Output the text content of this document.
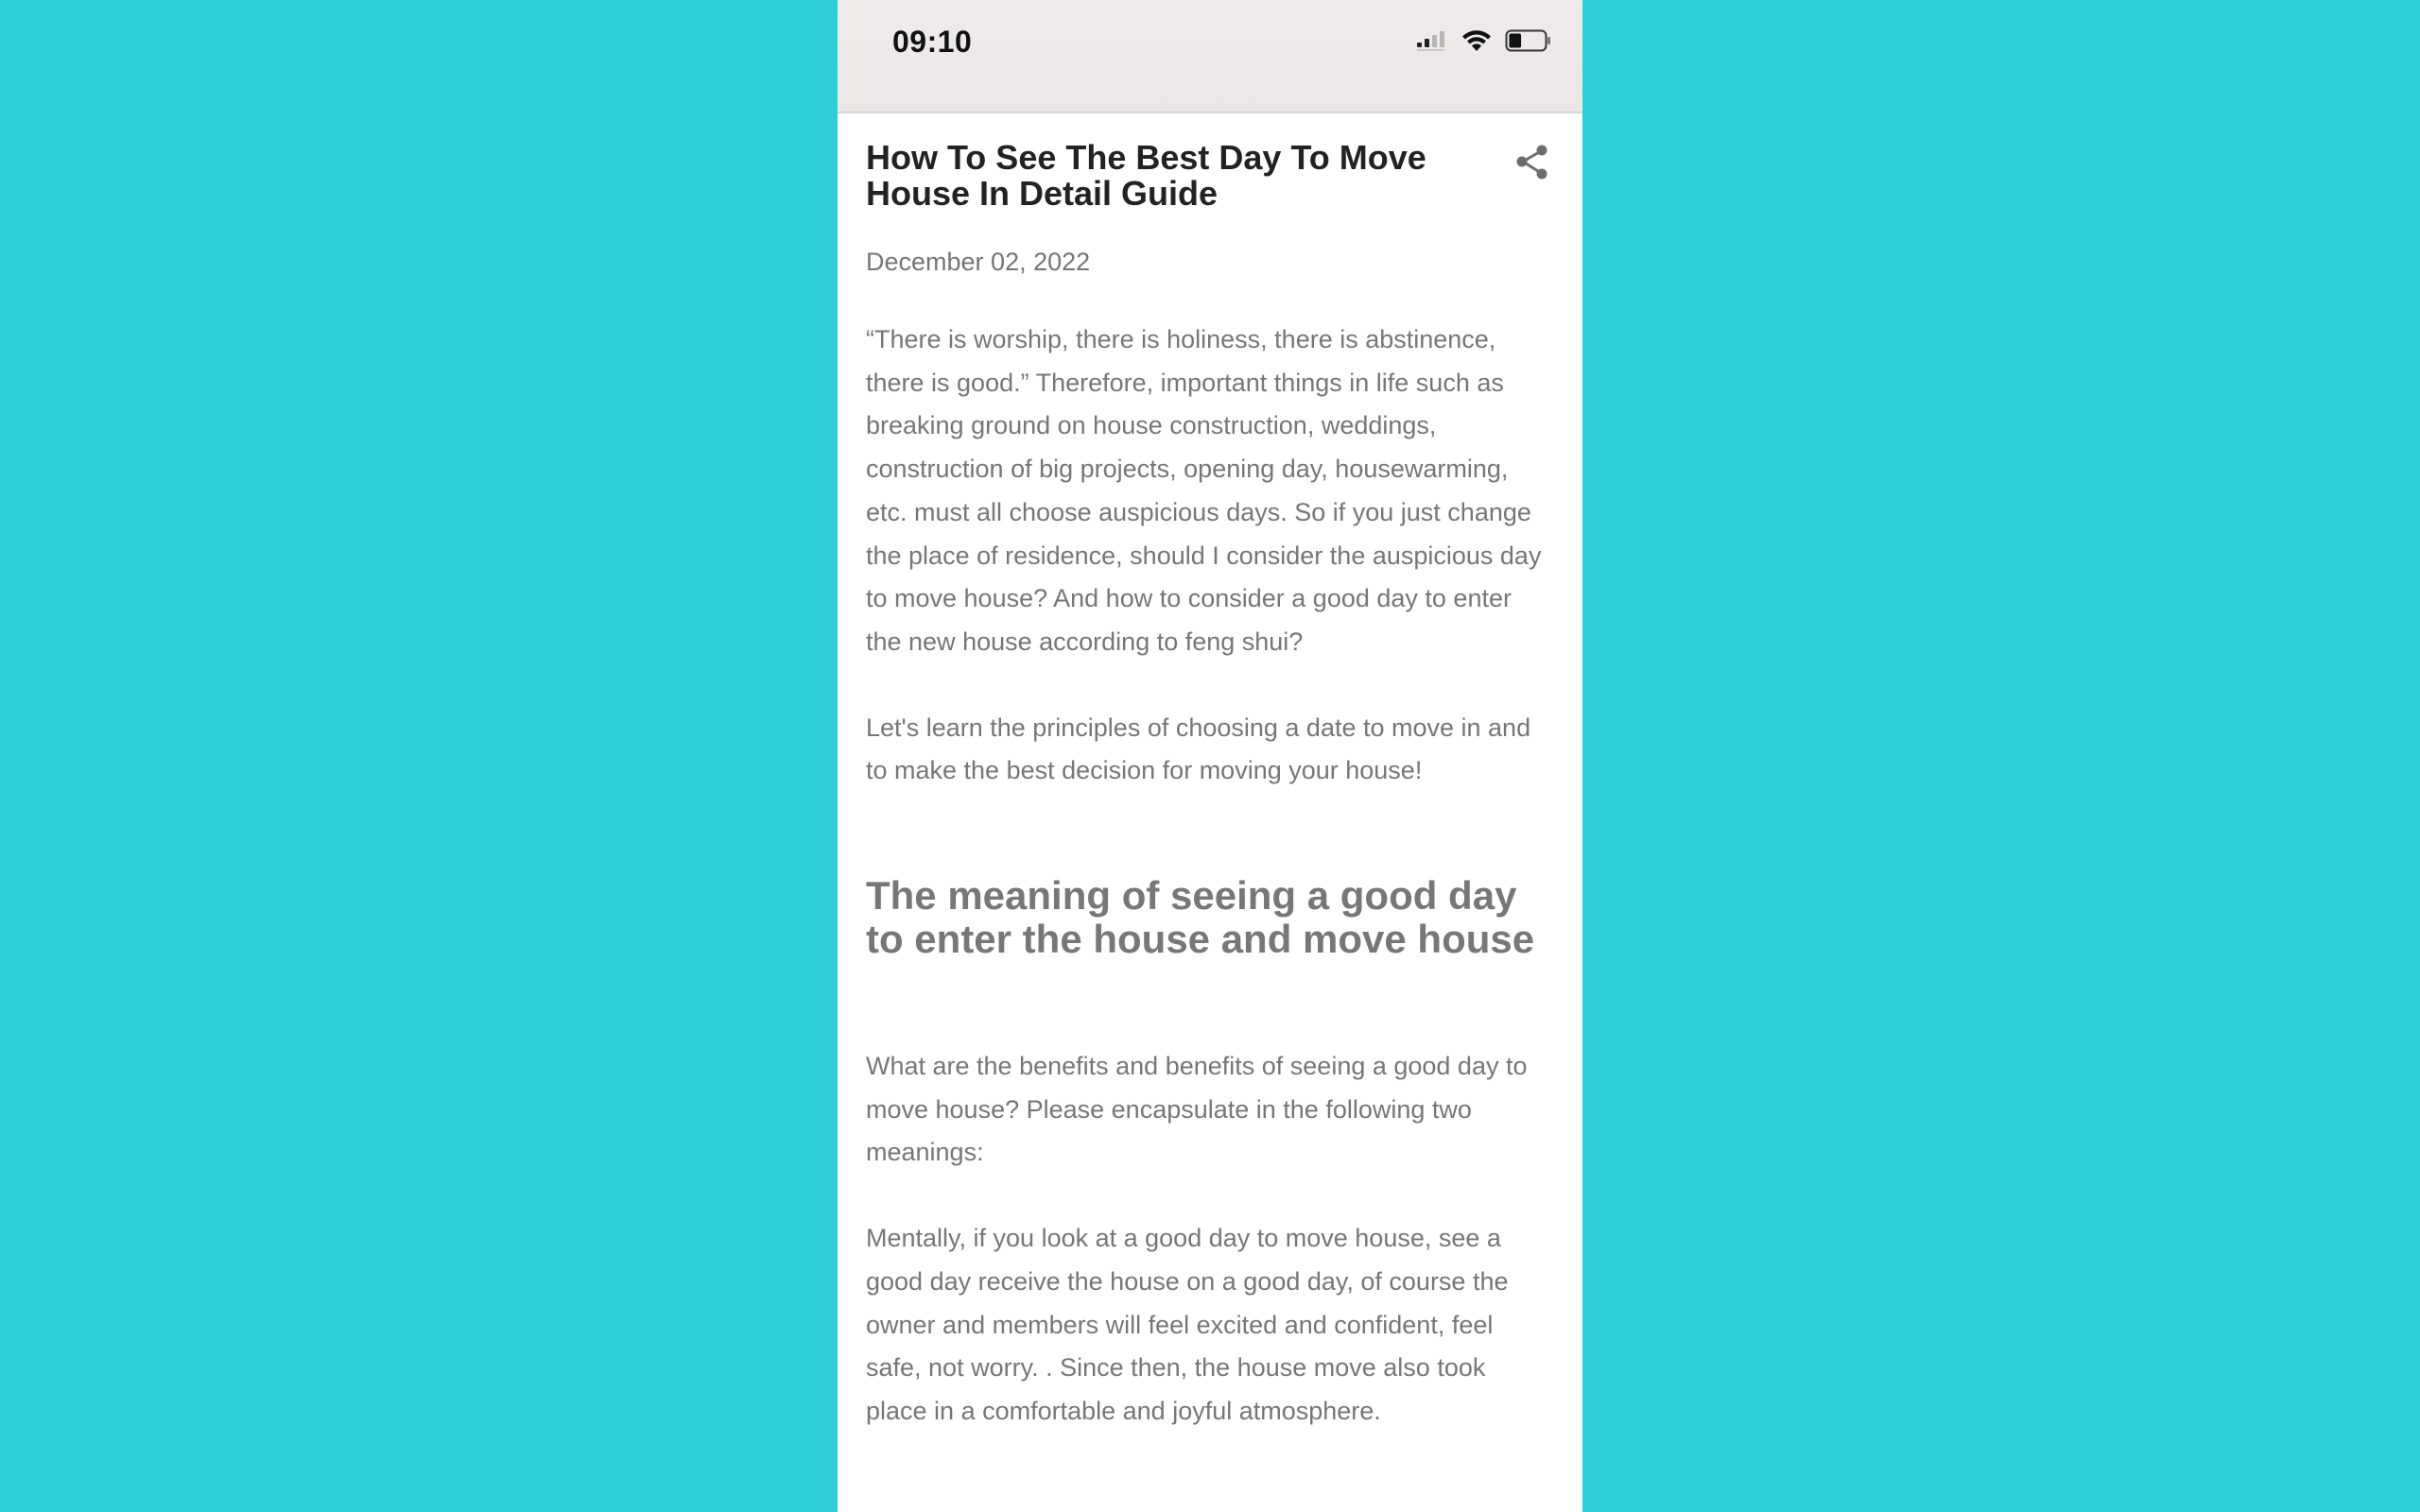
09:10
How To See The Best Day To Move House In Detail Guide
December 02, 2022

“There is worship, there is holiness, there is abstinence, there is good.” Therefore, important things in life such as breaking ground on house construction, weddings, construction of big projects, opening day, housewarming, etc. must all choose auspicious days. So if you just change the place of residence, should I consider the auspicious day to move house? And how to consider a good day to enter the new house according to feng shui?

Let's learn the principles of choosing a date to move in and to make the best decision for moving your house!

The meaning of seeing a good day to enter the house and move house

What are the benefits and benefits of seeing a good day to move house? Please encapsulate in the following two meanings:

Mentally, if you look at a good day to move house, see a good day receive the house on a good day, of course the owner and members will feel excited and confident, feel safe, not worry. . Since then, the house move also took place in a comfortable and joyful atmosphere.
